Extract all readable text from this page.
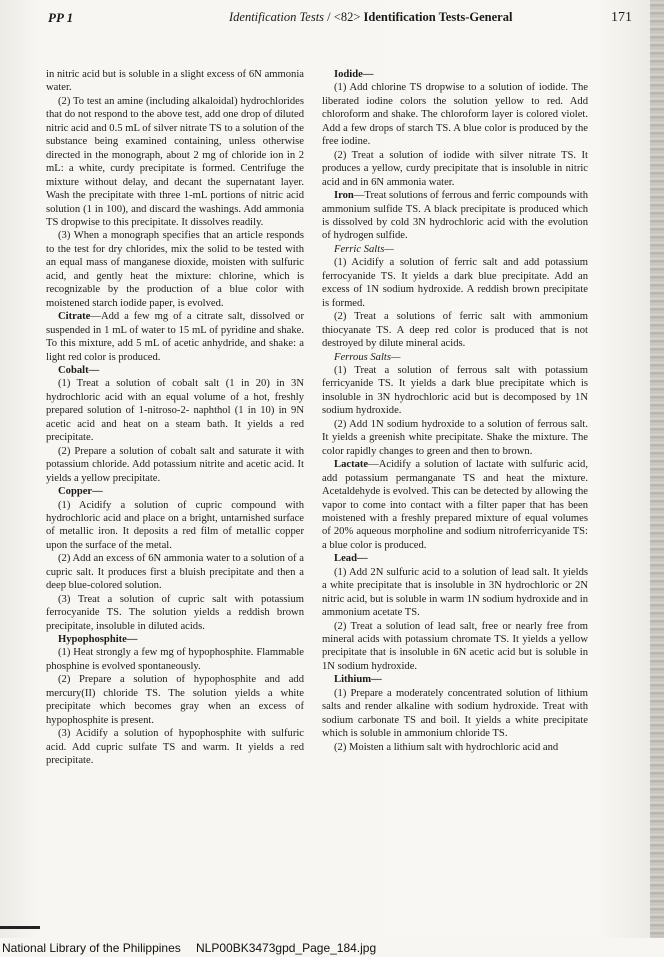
PP 1	Identification Tests / <82> Identification Tests-General	171

in nitric acid but is soluble in a slight excess of 6N ammonia water.

(2) To test an amine (including alkaloidal) hydrochlorides that do not respond to the above test, add one drop of diluted nitric acid and 0.5 mL of silver nitrate TS to a solution of the substance being examined containing, unless otherwise directed in the monograph, about 2 mg of chloride ion in 2 mL: a white, curdy precipitate is formed. Centrifuge the mixture without delay, and decant the supernatant layer. Wash the precipitate with three 1-mL portions of nitric acid solution (1 in 100), and discard the washings. Add ammonia TS dropwise to this precipitate. It dissolves readily.

(3) When a monograph specifies that an article responds to the test for dry chlorides, mix the solid to be tested with an equal mass of manganese dioxide, moisten with sulfuric acid, and gently heat the mixture: chlorine, which is recognizable by the production of a blue color with moistened starch iodide paper, is evolved.

Citrate—Add a few mg of a citrate salt, dissolved or suspended in 1 mL of water to 15 mL of pyridine and shake. To this mixture, add 5 mL of acetic anhydride, and shake: a light red color is produced.

Cobalt—

(1) Treat a solution of cobalt salt (1 in 20) in 3N hydrochloric acid with an equal volume of a hot, freshly prepared solution of 1-nitroso-2- naphthol (1 in 10) in 9N acetic acid and heat on a steam bath. It yields a red precipitate.

(2) Prepare a solution of cobalt salt and saturate it with potassium chloride. Add potassium nitrite and acetic acid. It yields a yellow precipitate.

Copper—

(1) Acidify a solution of cupric compound with hydrochloric acid and place on a bright, untarnished surface of metallic iron. It deposits a red film of metallic copper upon the surface of the metal.

(2) Add an excess of 6N ammonia water to a solution of a cupric salt. It produces first a bluish precipitate and then a deep blue-colored solution.

(3) Treat a solution of cupric salt with potassium ferrocyanide TS. The solution yields a reddish brown precipitate, insoluble in diluted acids.

Hypophosphite—

(1) Heat strongly a few mg of hypophosphite. Flammable phosphine is evolved spontaneously.

(2) Prepare a solution of hypophosphite and add mercury(II) chloride TS. The solution yields a white precipitate which becomes gray when an excess of hypophosphite is present.

(3) Acidify a solution of hypophosphite with sulfuric acid. Add cupric sulfate TS and warm. It yields a red precipitate.

Iodide—

(1) Add chlorine TS dropwise to a solution of iodide. The liberated iodine colors the solution yellow to red. Add chloroform and shake. The chloroform layer is colored violet. Add a few drops of starch TS. A blue color is produced by the free iodine.

(2) Treat a solution of iodide with silver nitrate TS. It produces a yellow, curdy precipitate that is insoluble in nitric acid and in 6N ammonia water.

Iron—Treat solutions of ferrous and ferric compounds with ammonium sulfide TS. A black precipitate is produced which is dissolved by cold 3N hydrochloric acid with the evolution of hydrogen sulfide.

Ferric Salts—

(1) Acidify a solution of ferric salt and add potassium ferrocyanide TS. It yields a dark blue precipitate. Add an excess of 1N sodium hydroxide. A reddish brown precipitate is formed.

(2) Treat a solutions of ferric salt with ammonium thiocyanate TS. A deep red color is produced that is not destroyed by dilute mineral acids.

Ferrous Salts—

(1) Treat a solution of ferrous salt with potassium ferricyanide TS. It yields a dark blue precipitate which is insoluble in 3N hydrochloric acid but is decomposed by 1N sodium hydroxide.

(2) Add 1N sodium hydroxide to a solution of ferrous salt. It yields a greenish white precipitate. Shake the mixture. The color rapidly changes to green and then to brown.

Lactate—Acidify a solution of lactate with sulfuric acid, add potassium permanganate TS and heat the mixture. Acetaldehyde is evolved. This can be detected by allowing the vapor to come into contact with a filter paper that has been moistened with a freshly prepared mixture of equal volumes of 20% aqueous morpholine and sodium nitroferricyanide TS: a blue color is produced.

Lead—

(1) Add 2N sulfuric acid to a solution of lead salt. It yields a white precipitate that is insoluble in 3N hydrochloric or 2N nitric acid, but is soluble in warm 1N sodium hydroxide and in ammonium acetate TS.

(2) Treat a solution of lead salt, free or nearly free from mineral acids with potassium chromate TS. It yields a yellow precipitate that is insoluble in 6N acetic acid but is soluble in 1N sodium hydroxide.

Lithium—

(1) Prepare a moderately concentrated solution of lithium salts and render alkaline with sodium hydroxide. Treat with sodium carbonate TS and boil. It yields a white precipitate which is soluble in ammonium chloride TS.

(2) Moisten a lithium salt with hydrochloric acid and

National Library of the Philippines NLP00BK3473gpd_Page_184.jpg
